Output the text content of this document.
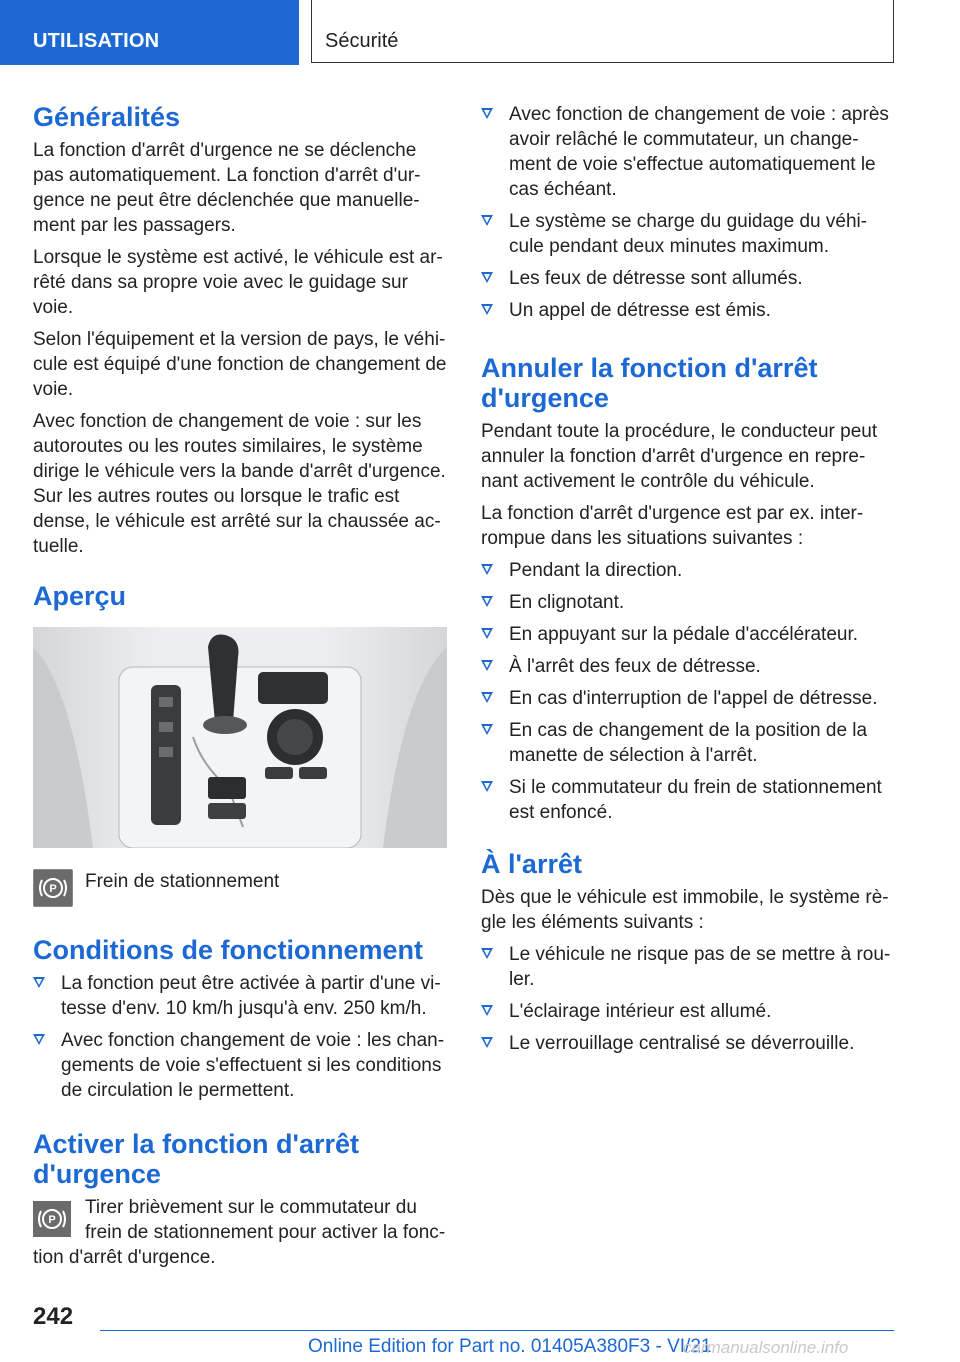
UTILISATION	Sécurité
Généralités

La fonction d'arrêt d'urgence ne se déclenche pas automatiquement. La fonction d'arrêt d'urgence ne peut être déclenchée que manuellement par les passagers.

Lorsque le système est activé, le véhicule est arrêté dans sa propre voie avec le guidage sur voie.

Selon l'équipement et la version de pays, le véhicule est équipé d'une fonction de changement de voie.

Avec fonction de changement de voie : sur les autoroutes ou les routes similaires, le système dirige le véhicule vers la bande d'arrêt d'urgence. Sur les autres routes ou lorsque le trafic est dense, le véhicule est arrêté sur la chaussée actuelle.

Aperçu
P	Frein de stationnement

Conditions de fonctionnement
La fonction peut être activée à partir d'une vitesse d'env. 10 km/h jusqu'à env. 250 km/h.
Avec fonction changement de voie : les changements de voie s'effectuent si les conditions de circulation le permettent.
Activer la fonction d'arrêt d'urgence
P

Tirer brièvement sur le commutateur du frein de stationnement pour activer la fonction d'arrêt d'urgence.

Avec fonction de changement de voie : après avoir relâché le commutateur, un changement de voie s'effectue automatiquement le cas échéant.
Le système se charge du guidage du véhicule pendant deux minutes maximum.
Les feux de détresse sont allumés.
Un appel de détresse est émis.
Annuler la fonction d'arrêt d'urgence

Pendant toute la procédure, le conducteur peut annuler la fonction d'arrêt d'urgence en reprenant activement le contrôle du véhicule.

La fonction d'arrêt d'urgence est par ex. interrompue dans les situations suivantes :

Pendant la direction.
En clignotant.
En appuyant sur la pédale d'accélérateur.
À l'arrêt des feux de détresse.
En cas d'interruption de l'appel de détresse.
En cas de changement de la position de la manette de sélection à l'arrêt.
Si le commutateur du frein de stationnement est enfoncé.
À l'arrêt

Dès que le véhicule est immobile, le système règle les éléments suivants :

Le véhicule ne risque pas de se mettre à rouler.
L'éclairage intérieur est allumé.
Le verrouillage centralisé se déverrouille.
242
Online Edition for Part no. 01405A380F3 - VI/21
carmanualsonline.info
